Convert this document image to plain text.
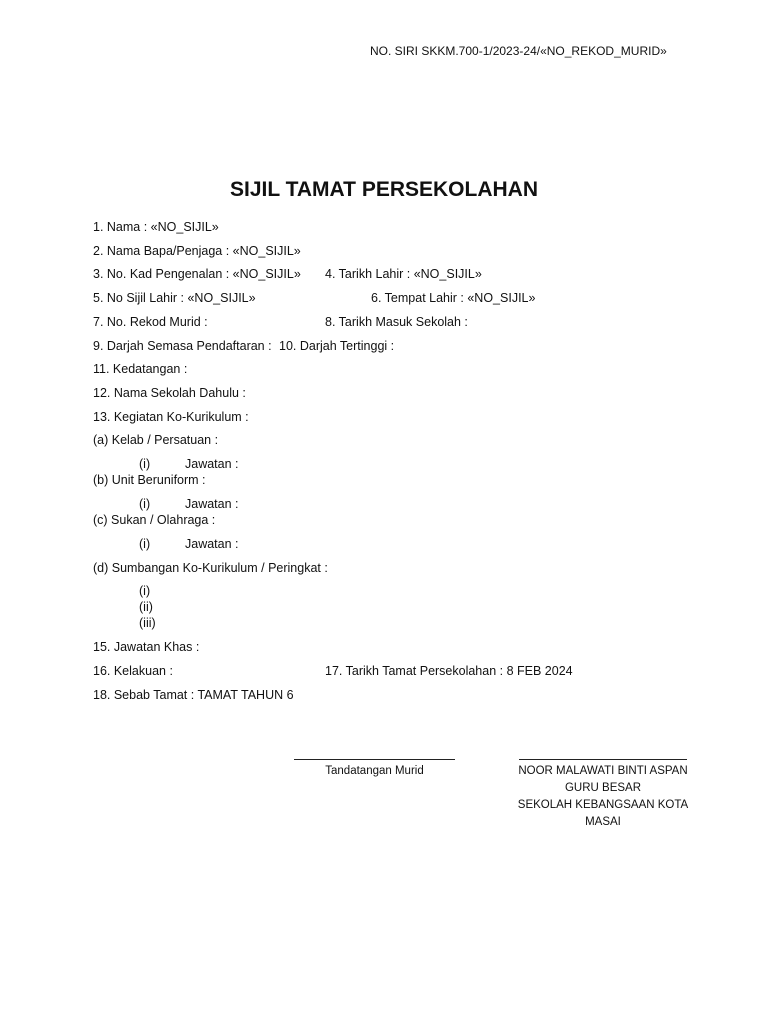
NO. SIRI SKKM.700-1/2023-24/«NO_REKOD_MURID»
SIJIL TAMAT PERSEKOLAHAN
1. Nama : «NO_SIJIL»
2. Nama Bapa/Penjaga : «NO_SIJIL»
3. No. Kad Pengenalan : «NO_SIJIL» 4. Tarikh Lahir : «NO_SIJIL»
5. No Sijil Lahir : «NO_SIJIL»	6. Tempat Lahir : «NO_SIJIL»
7. No. Rekod Murid :	8. Tarikh Masuk Sekolah :
9. Darjah Semasa Pendaftaran : 10. Darjah Tertinggi :
11. Kedatangan :
12. Nama Sekolah Dahulu :
13. Kegiatan Ko-Kurikulum :
(a) Kelab / Persatuan :
(i)	Jawatan :
(b) Unit Beruniform :
(i)	Jawatan :
(c) Sukan / Olahraga :
(i)	Jawatan :
(d) Sumbangan Ko-Kurikulum / Peringkat :
(i)
(ii)
(iii)
15. Jawatan Khas :
16. Kelakuan :	17. Tarikh Tamat Persekolahan : 8 FEB 2024
18. Sebab Tamat : TAMAT TAHUN 6
Tandatangan Murid	NOOR MALAWATI BINTI ASPAN
GURU BESAR
SEKOLAH KEBANGSAAN KOTA
MASAI
